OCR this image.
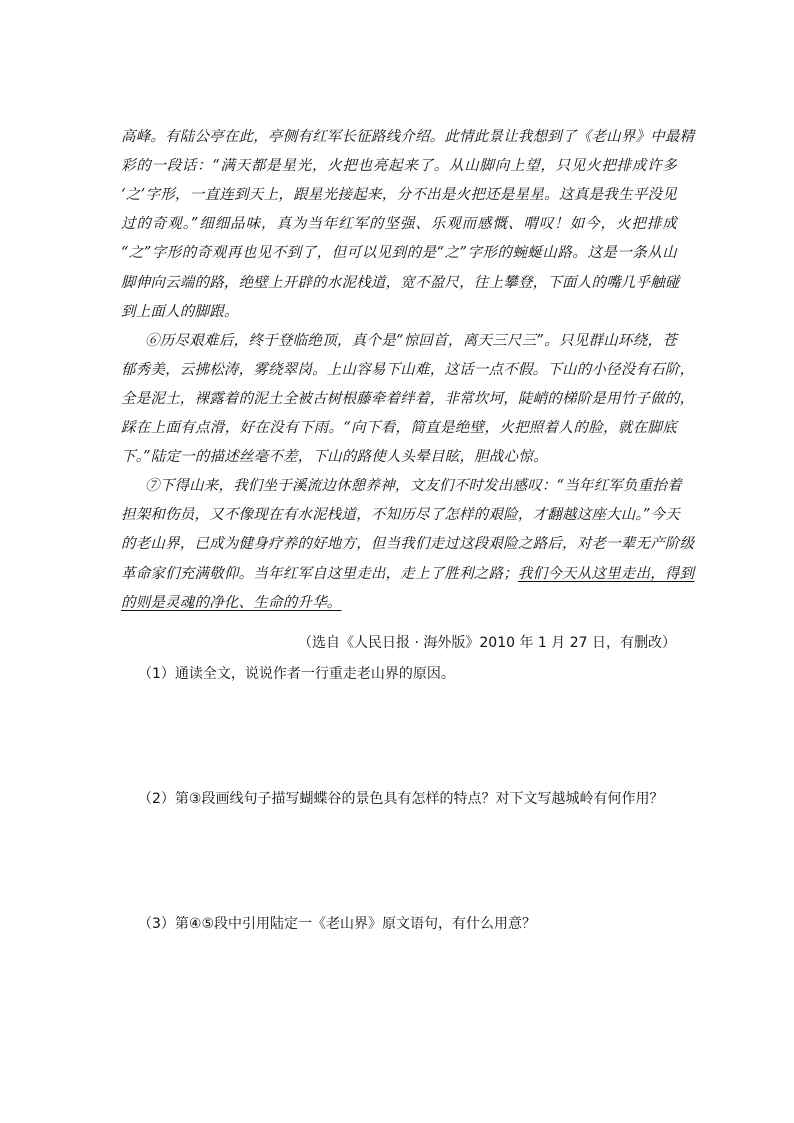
高峰。有陆公亭在此，亭侧有红军长征路线介绍。此情此景让我想到了《老山界》中最精
彩的一段话：“满天都是星光，火把也亮起来了。从山脚向上望，只见火把排成许多
‘之’字形，一直连到天上，跟星光接起来，分不出是火把还是星星。这真是我生平没见
过的奇观。”细细品味，真为当年红军的坚强、乐观而感慨、喟叹！如今，火把排成
“之”字形的奇观再也见不到了，但可以见到的是“之”字形的蜿蜒山路。这是一条从山
脚伸向云端的路，绝壁上开辟的水泥栈道，宽不盈尺，往上攀登，下面人的嘴几乎触碰
到上面人的脚跟。
⑥历尽艰难后，终于登临绝顶，真个是“惊回首，离天三尺三”。只见群山环绕，苍
郁秀美，云拂松涛，雾绕翠岗。上山容易下山难，这话一点不假。下山的小径没有石阶，
全是泥土，裸露着的泥土全被古树根藤牵着绊着，非常坎坷，陡峭的梯阶是用竹子做的，
踩在上面有点滑，好在没有下雨。“向下看，简直是绝壁，火把照着人的脸，就在脚底
下。”陆定一的描述丝毫不差，下山的路使人头晕目眩，胆战心惊。
⑦下得山来，我们坐于溪流边休憩养神，文友们不时发出感叹：“当年红军负重抬着
担架和伤员，又不像现在有水泥栈道，不知历尽了怎样的艰险，才翻越这座大山。”今天
的老山界，已成为健身疗养的好地方，但当我们走过这段艰险之路后，对老一辈无产阶级
革命家们充满敬仰。当年红军自这里走出，走上了胜利之路；我们今天从这里走出，得到
的则是灵魂的净化、生命的升华。
（选自《人民日报 · 海外版》2010 年 1 月 27 日，有删改）
（1）通读全文，说说作者一行重走老山界的原因。
（2）第③段画线句子描写蝴蝶谷的景色具有怎样的特点？对下文写越城岭有何作用？
（3）第④⑤段中引用陆定一《老山界》原文语句，有什么用意？
